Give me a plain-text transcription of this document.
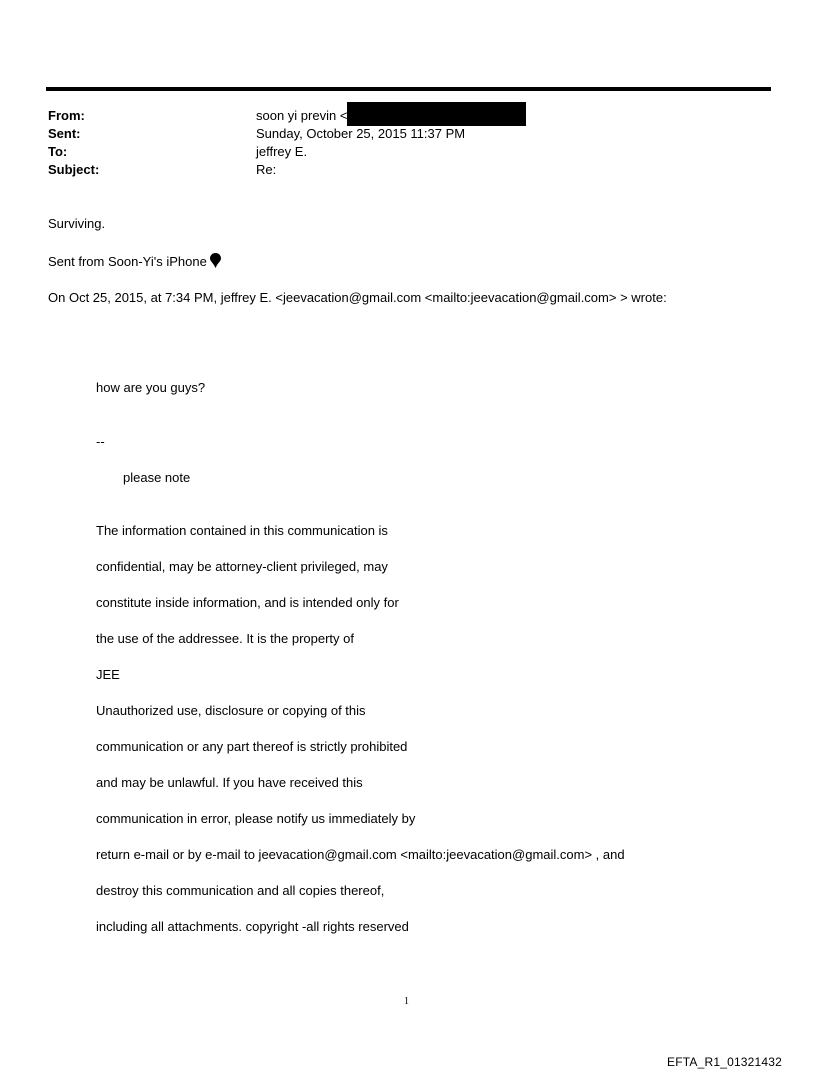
From:	soon yi previn <
Sent:	Sunday, October 25, 2015 11:37 PM
To:	jeffrey E.
Subject:	Re:
Surviving.
Sent from Soon-Yi's iPhone
On Oct 25, 2015, at 7:34 PM, jeffrey E. <jeevacation@gmail.com <mailto:jeevacation@gmail.com> > wrote:
how are you guys?
--
please note

The information contained in this communication is

confidential, may be attorney-client privileged, may

constitute inside information, and is intended only for

the use of the addressee. It is the property of

JEE

Unauthorized use, disclosure or copying of this

communication or any part thereof is strictly prohibited

and may be unlawful. If you have received this

communication in error, please notify us immediately by

return e-mail or by e-mail to jeevacation@gmail.com <mailto:jeevacation@gmail.com> , and

destroy this communication and all copies thereof,

including all attachments. copyright -all rights reserved

1
EFTA_R1_01321432
